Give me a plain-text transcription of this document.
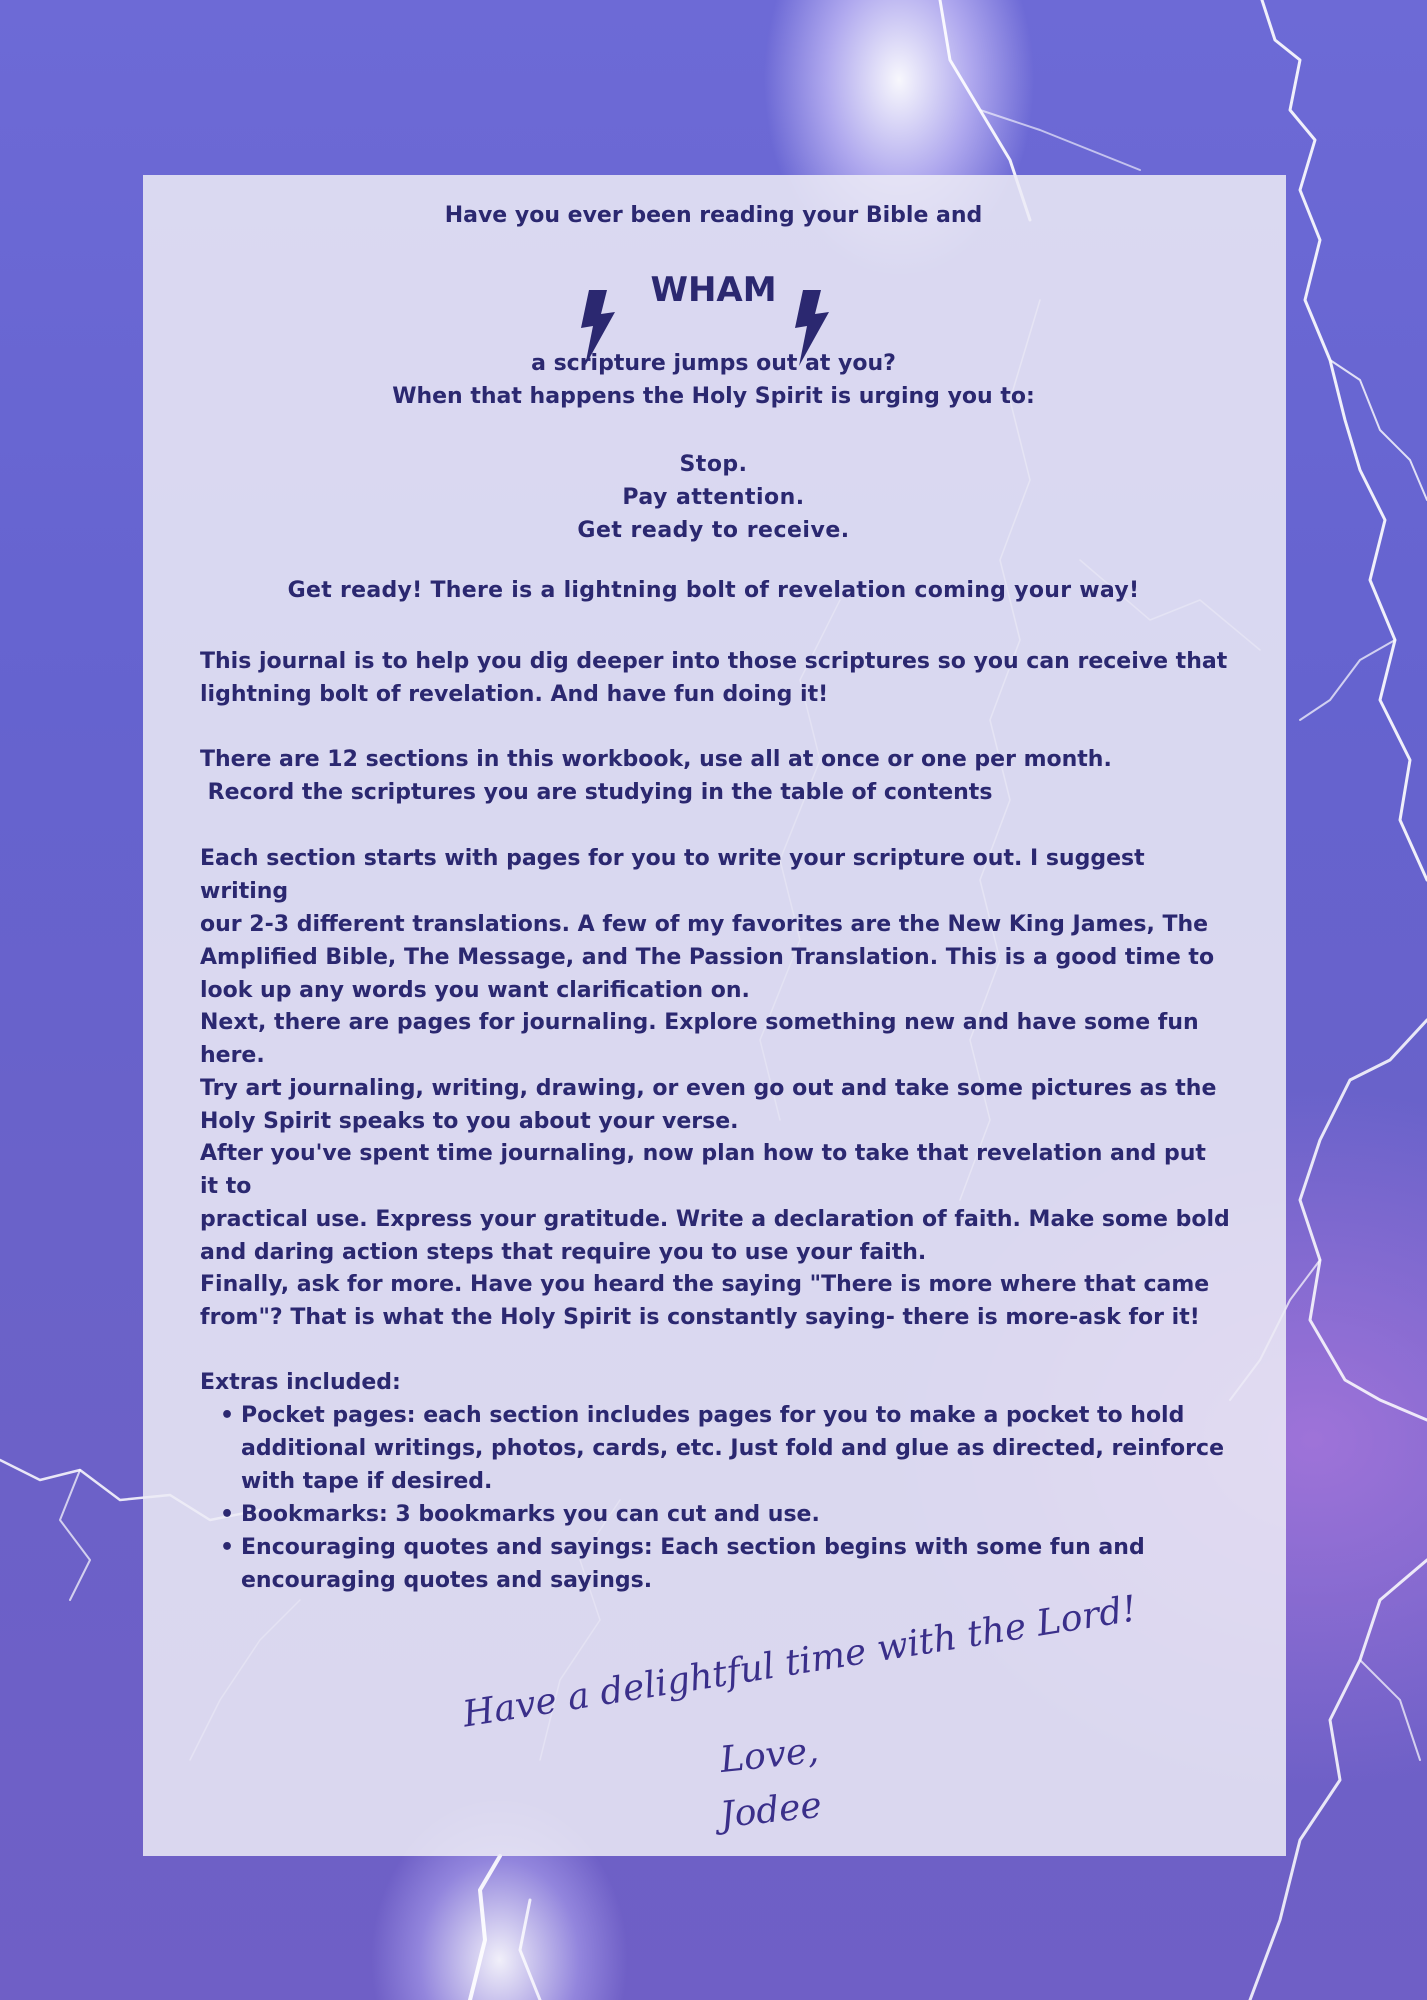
Have you ever been reading your Bible and
WHAM
a scripture jumps out at you?
When that happens the Holy Spirit is urging you to:
Stop.
Pay attention.
Get ready to receive.
Get ready! There is a lightning bolt of revelation coming your way!
This journal is to help you dig deeper into those scriptures so you can receive that
lightning bolt of revelation. And have fun doing it!
There are 12 sections in this workbook, use all at once or one per month.
Record the scriptures you are studying in the table of contents
Each section starts with pages for you to write your scripture out. I suggest writing
our 2-3 different translations. A few of my favorites are the New King James, The
Amplified Bible, The Message, and The Passion Translation. This is a good time to
look up any words you want clarification on.
Next, there are pages for journaling. Explore something new and have some fun here.
Try art journaling, writing, drawing, or even go out and take some pictures as the
Holy Spirit speaks to you about your verse.
After you've spent time journaling, now plan how to take that revelation and put it to
practical use. Express your gratitude. Write a declaration of faith. Make some bold
and daring action steps that require you to use your faith.
Finally, ask for more. Have you heard the saying "There is more where that came
from"? That is what the Holy Spirit is constantly saying- there is more-ask for it!
Extras included:
• Pocket pages: each section includes pages for you to make a pocket to hold
additional writings, photos, cards, etc. Just fold and glue as directed, reinforce
with tape if desired.
• Bookmarks: 3 bookmarks you can cut and use.
• Encouraging quotes and sayings: Each section begins with some fun and
encouraging quotes and sayings.
Have a delightful time with the Lord!
Love,
Jodee
